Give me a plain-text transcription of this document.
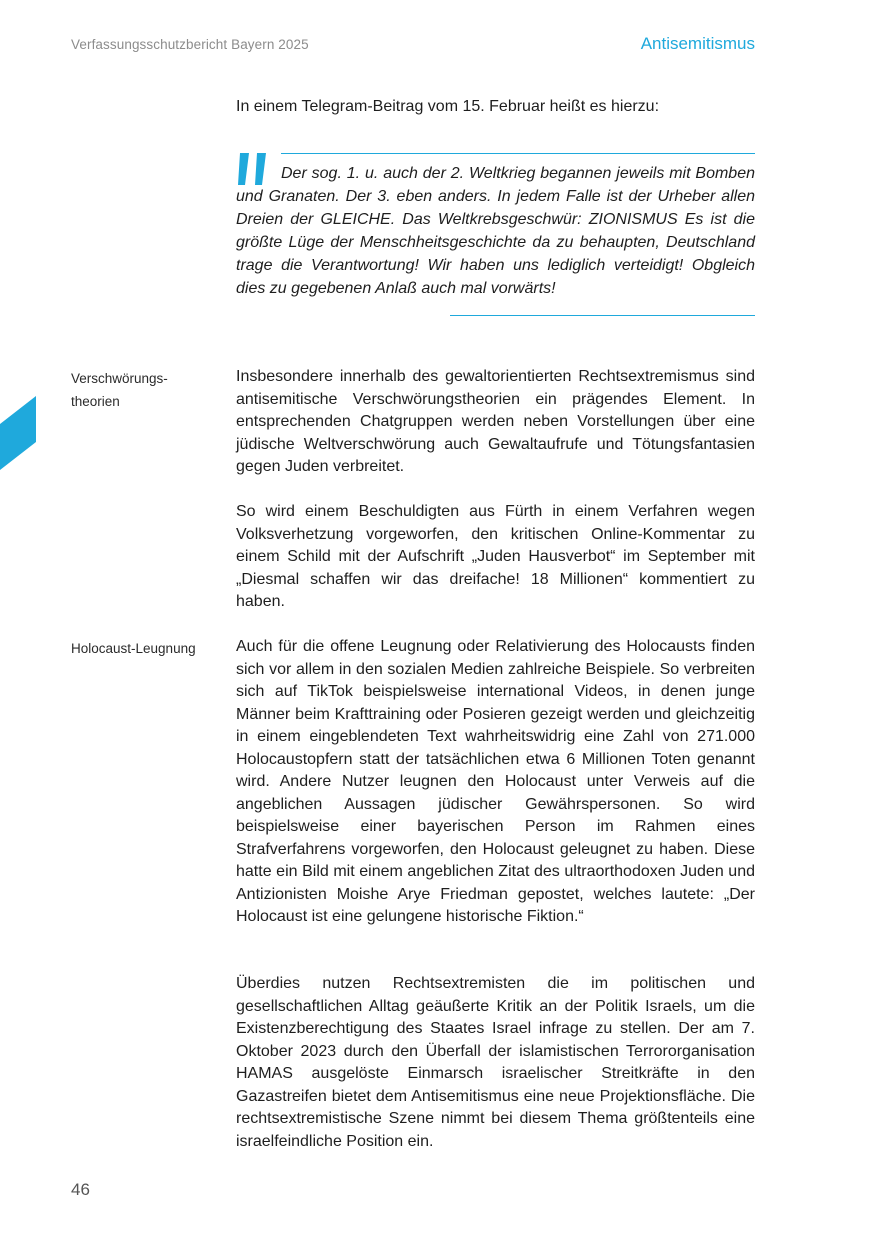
Verfassungsschutzbericht Bayern 2025	Antisemitismus

In einem Telegram-Beitrag vom 15. Februar heißt es hierzu:

Der sog. 1. u. auch der 2. Weltkrieg begannen jeweils mit Bomben und Granaten. Der 3. eben anders. In jedem Falle ist der Urheber allen Dreien der GLEICHE. Das Weltkrebsgeschwür: ZIONISMUS Es ist die größte Lüge der Menschheitsgeschichte da zu behaupten, Deutschland trage die Verantwortung! Wir haben uns lediglich verteidigt! Obgleich dies zu gegebenen Anlaß auch mal vorwärts!

Verschwörungs-theorien

Insbesondere innerhalb des gewaltorientierten Rechtsextremismus sind antisemitische Verschwörungstheorien ein prägendes Element. In entsprechenden Chatgruppen werden neben Vorstellungen über eine jüdische Weltverschwörung auch Gewaltaufrufe und Tötungsfantasien gegen Juden verbreitet.

So wird einem Beschuldigten aus Fürth in einem Verfahren wegen Volksverhetzung vorgeworfen, den kritischen Online-Kommentar zu einem Schild mit der Aufschrift „Juden Hausverbot“ im September mit „Diesmal schaffen wir das dreifache! 18 Millionen“ kommentiert zu haben.

Holocaust-Leugnung	Auch für die offene Leugnung oder Relativierung des Holocausts finden sich vor allem in den sozialen Medien zahlreiche Beispiele. So verbreiten sich auf TikTok beispielsweise international Videos, in denen junge Männer beim Krafttraining oder Posieren gezeigt werden und gleichzeitig in einem eingeblendeten Text wahrheitswidrig eine Zahl von 271.000 Holocaustopfern statt der tatsächlichen etwa 6 Millionen Toten genannt wird. Andere Nutzer leugnen den Holocaust unter Verweis auf die angeblichen Aussagen jüdischer Gewährspersonen. So wird beispielsweise einer bayerischen Person im Rahmen eines Strafverfahrens vorgeworfen, den Holocaust geleugnet zu haben. Diese hatte ein Bild mit einem angeblichen Zitat des ultraorthodoxen Juden und Antizionisten Moishe Arye Friedman gepostet, welches lautete: „Der Holocaust ist eine gelungene historische Fiktion.“

Überdies nutzen Rechtsextremisten die im politischen und gesellschaftlichen Alltag geäußerte Kritik an der Politik Israels, um die Existenzberechtigung des Staates Israel infrage zu stellen. Der am 7. Oktober 2023 durch den Überfall der islamistischen Terrororganisation HAMAS ausgelöste Einmarsch israelischer Streitkräfte in den Gazastreifen bietet dem Antisemitismus eine neue Projektionsfläche. Die rechtsextremistische Szene nimmt bei diesem Thema größtenteils eine israelfeindliche Position ein.

46
